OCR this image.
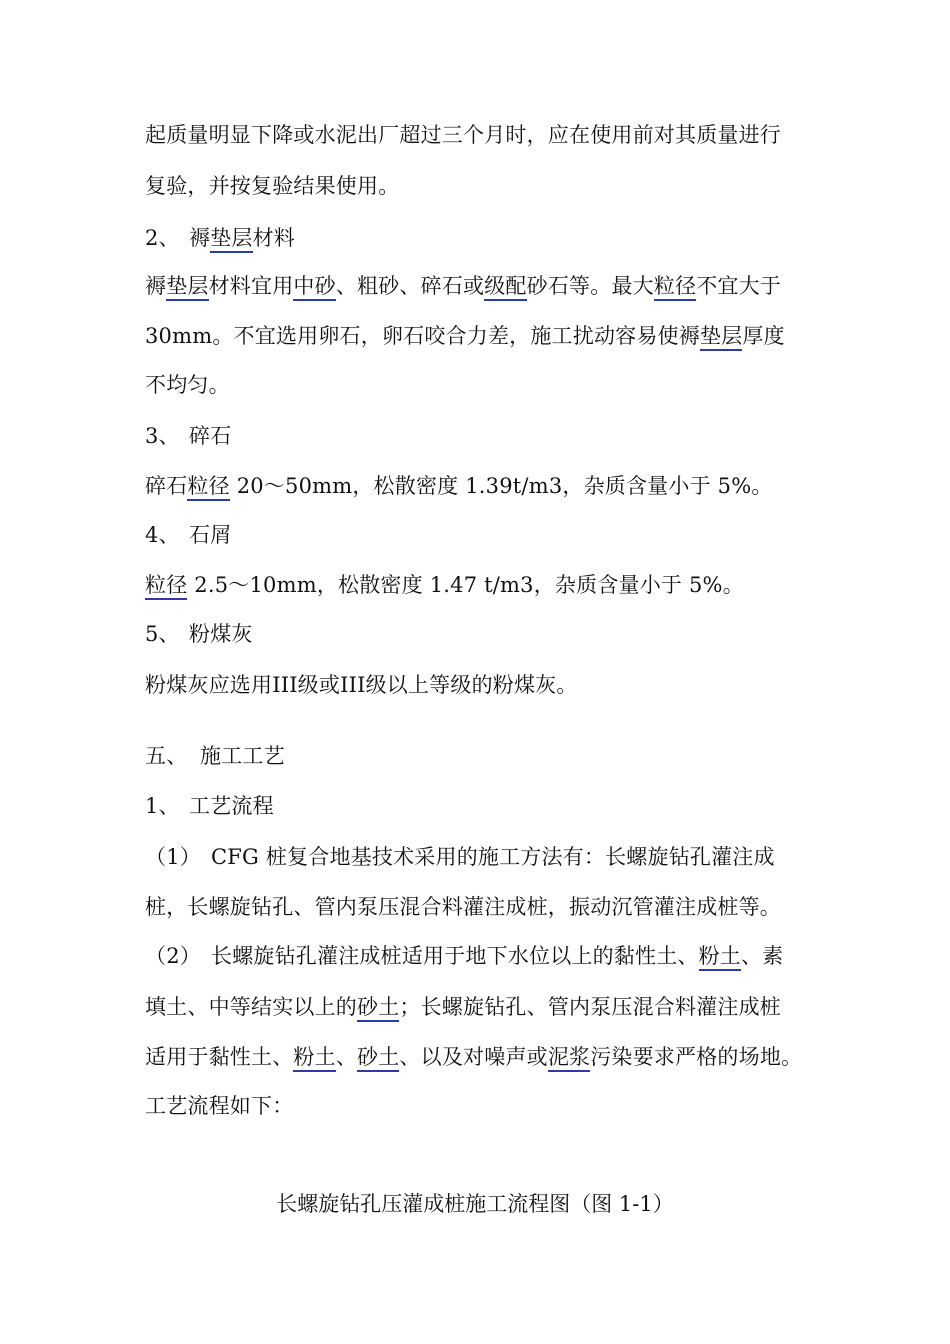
起质量明显下降或水泥出厂超过三个月时，应在使用前对其质量进行
复验，并按复验结果使用。
2、 褥垫层材料
褥垫层材料宜用中砂、粗砂、碎石或级配砂石等。最大粒径不宜大于
30mm。不宜选用卵石，卵石咬合力差，施工扰动容易使褥垫层厚度
不均匀。
3、 碎石
碎石粒径 20～50mm，松散密度 1.39t/m3，杂质含量小于 5%。
4、 石屑
粒径 2.5～10mm，松散密度 1.47 t/m3，杂质含量小于 5%。
5、 粉煤灰
粉煤灰应选用III级或III级以上等级的粉煤灰。
五、 施工工艺
1、 工艺流程
（1） CFG 桩复合地基技术采用的施工方法有：长螺旋钻孔灌注成
桩，长螺旋钻孔、管内泵压混合料灌注成桩，振动沉管灌注成桩等。
（2） 长螺旋钻孔灌注成桩适用于地下水位以上的黏性土、粉土、素
填土、中等结实以上的砂土；长螺旋钻孔、管内泵压混合料灌注成桩
适用于黏性土、粉土、砂土、以及对噪声或泥浆污染要求严格的场地。
工艺流程如下：
长螺旋钻孔压灌成桩施工流程图（图 1-1）
